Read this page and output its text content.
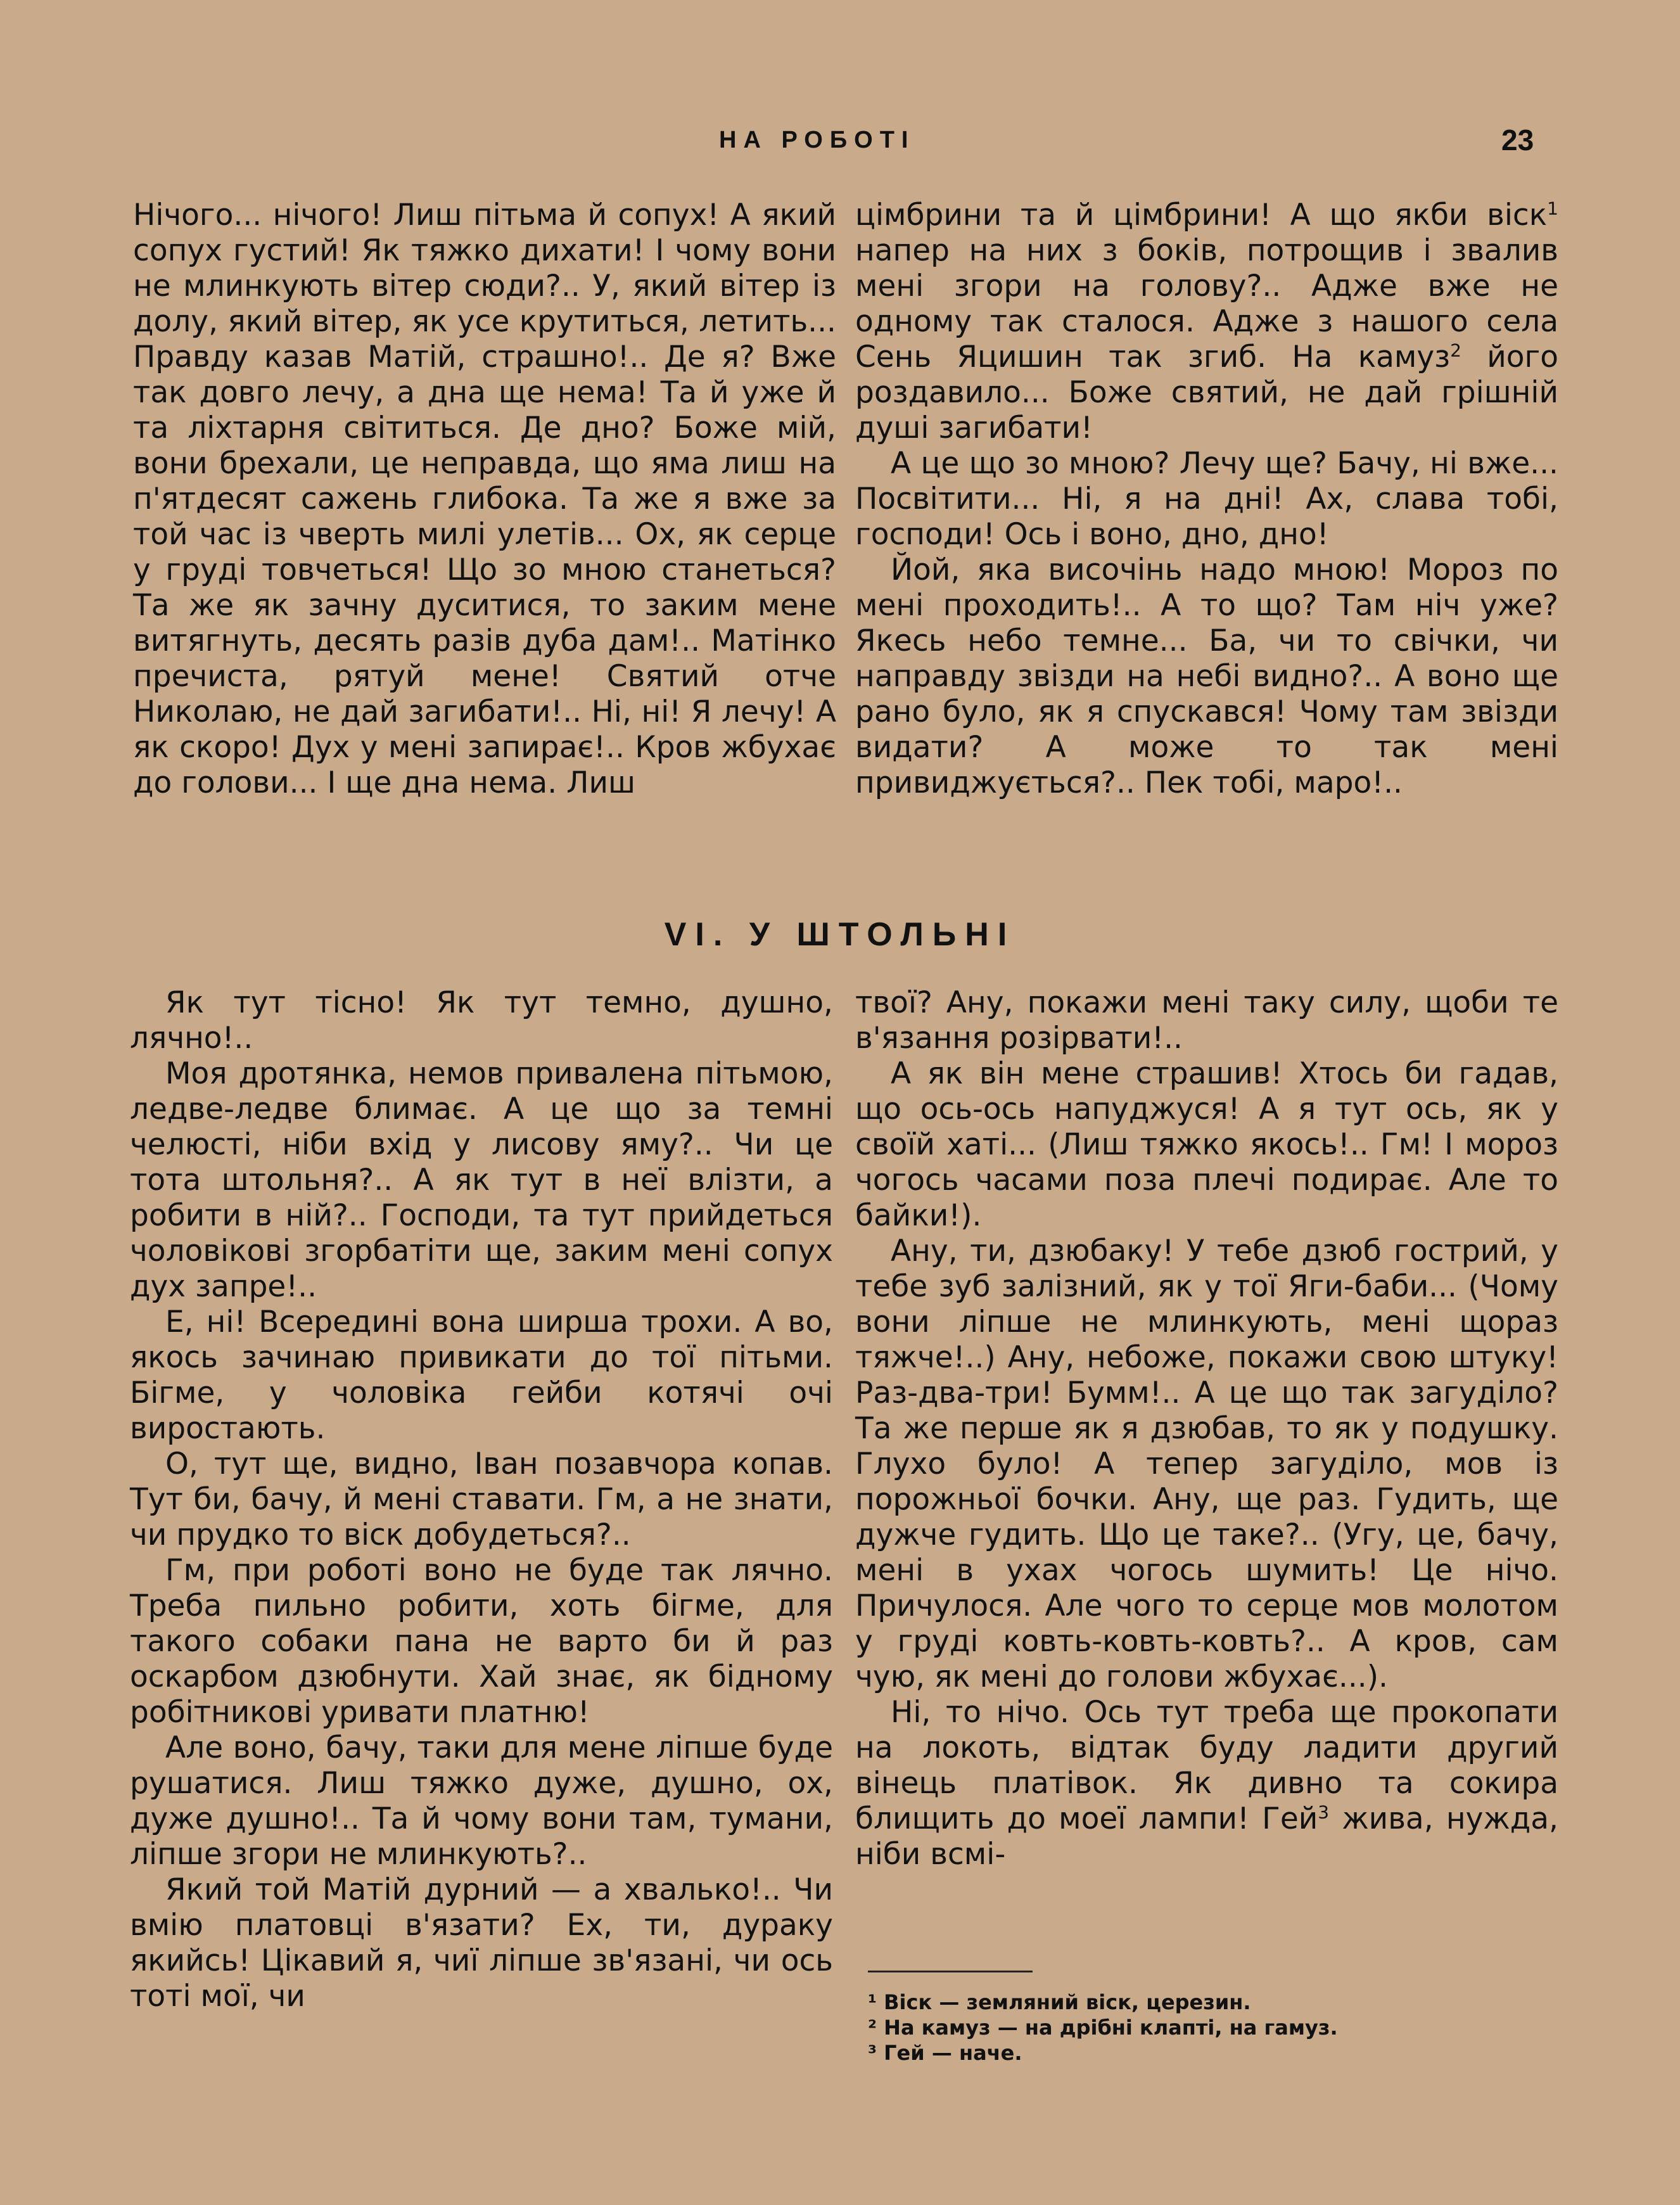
НА РОБОТІ	23

Нічого... нічого! Лиш пітьма й сопух! А який сопух густий! Як тяжко дихати! І чому вони не млинкують вітер сюди?.. У, який вітер із долу, який вітер, як усе крутиться, летить... Правду казав Матій, страшно!.. Де я? Вже так довго лечу, а дна ще нема! Та й уже й та ліхтарня світиться. Де дно? Боже мій, вони брехали, це неправда, що яма лиш на п'ятдесят сажень глибока. Та же я вже за той час із чверть милі улетів... Ох, як серце у груді товчеться! Що зо мною станеться? Та же як зачну дуситися, то заким мене витягнуть, десять разів дуба дам!.. Матінко пречиста, рятуй мене! Святий отче Николаю, не дай загибати!.. Ні, ні! Я лечу! А як скоро! Дух у мені запирає!.. Кров жбухає до голови... І ще дна нема. Лиш

цімбрини та й цімбрини! А що якби віск$^1$ напер на них з боків, потрощив і звалив мені згори на голову?.. Адже вже не одному так сталося. Адже з нашого села Сень Яцишин так згиб. На камуз$^2$ його роздавило... Боже святий, не дай грішній душі загибати!

А це що зо мною? Лечу ще? Бачу, ні вже... Посвітити... Ні, я на дні! Ах, слава тобі, господи! Ось і воно, дно, дно!

Йой, яка височінь надо мною! Мороз по мені проходить!.. А то що? Там ніч уже? Якесь небо темне... Ба, чи то свічки, чи направду звізди на небі видно?.. А воно ще рано було, як я спускався! Чому там звізди видати? А може то так мені привиджується?.. Пек тобі, маро!..

VI. У ШТОЛЬНІ

Як тут тісно! Як тут темно, душно, лячно!..

Моя дротянка, немов привалена пітьмою, ледве-ледве блимає. А це що за темні челюсті, ніби вхід у лисову яму?.. Чи це тота штольня?.. А як тут в неї влізти, а робити в ній?.. Господи, та тут прийдеться чоловікові згорбатіти ще, заким мені сопух дух запре!..

Е, ні! Всередині вона ширша трохи. А во, якось зачинаю привикати до тої пітьми. Бігме, у чоловіка гейби котячі очі виростають.

О, тут ще, видно, Іван позавчора копав. Тут би, бачу, й мені ставати. Гм, а не знати, чи прудко то віск добудеться?..

Гм, при роботі воно не буде так лячно. Треба пильно робити, хоть бігме, для такого собаки пана не варто би й раз оскарбом дзюбнути. Хай знає, як бідному робітникові уривати платню!

Але воно, бачу, таки для мене ліпше буде рушатися. Лиш тяжко дуже, душно, ох, дуже душно!.. Та й чому вони там, тумани, ліпше згори не млинкують?..

Який той Матій дурний — а хвалько!.. Чи вмію платовці в'язати? Ех, ти, дураку якийсь! Цікавий я, чиї ліпше зв'язані, чи ось тоті мої, чи

твої? Ану, покажи мені таку силу, щоби те в'язання розірвати!..

А як він мене страшив! Хтось би гадав, що ось-ось напуджуся! А я тут ось, як у своїй хаті... (Лиш тяжко якось!.. Гм! І мороз чогось часами поза плечі подирає. Але то байки!).

Ану, ти, дзюбаку! У тебе дзюб гострий, у тебе зуб залізний, як у тої Яги-баби... (Чому вони ліпше не млинкують, мені щораз тяжче!..) Ану, небоже, покажи свою штуку! Раз-два-три! Бумм!.. А це що так загуділо? Та же перше як я дзюбав, то як у подушку. Глухо було! А тепер загуділо, мов із порожньої бочки. Ану, ще раз. Гудить, ще дужче гудить. Що це таке?.. (Угу, це, бачу, мені в ухах чогось шумить! Це нічо. Причулося. Але чого то серце мов молотом у груді ковть-ковть-ковть?.. А кров, сам чую, як мені до голови жбухає...).

Ні, то нічо. Ось тут треба ще прокопати на локоть, відтак буду ладити другий вінець платівок. Як дивно та сокира блищить до моеї лампи! Гей$^3$ жива, нужда, ніби всмі-

¹ Віск — земляний віск, церезин.
² На камуз — на дрібні клапті, на гамуз.
³ Гей — наче.
